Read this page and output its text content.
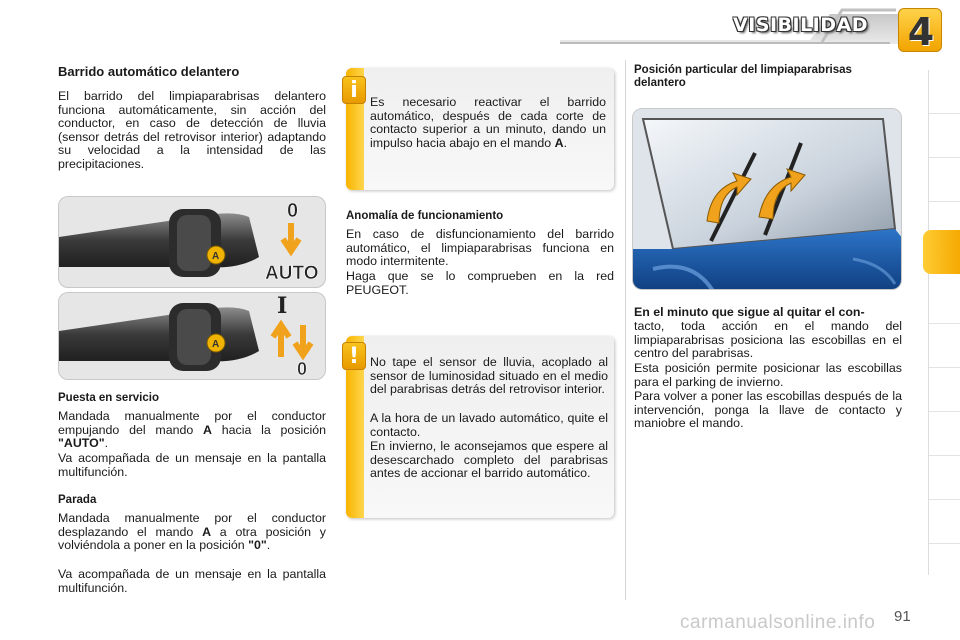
VISIBILIDAD 4
Barrido automático delantero
El barrido del limpiaparabrisas delantero funciona automáticamente, sin acción del conductor, en caso de detección de lluvia (sensor detrás del retrovisor interior) adaptando su velocidad a la intensidad de las precipitaciones.
A
0
AUTO
A
I
0
Puesta en servicio
Mandada manualmente por el conductor empujando del mando A hacia la posición "AUTO".
Va acompañada de un mensaje en la pantalla multifunción.
Parada
Mandada manualmente por el conductor desplazando el mando A a otra posición y volviéndola a poner en la posición "0".
Va acompañada de un mensaje en la pantalla multifunción.
i Es necesario reactivar el barrido automático, después de cada corte de contacto superior a un minuto, dando un impulso hacia abajo en el mando A.
Anomalía de funcionamiento
En caso de disfuncionamiento del barrido automático, el limpiaparabrisas funciona en modo intermitente.
Haga que se lo comprueben en la red PEUGEOT.
! No tape el sensor de lluvia, acoplado al sensor de luminosidad situado en el medio del parabrisas detrás del retrovisor interior.
A la hora de un lavado automático, quite el contacto.
En invierno, le aconsejamos que espere al desescarchado completo del parabrisas antes de accionar el barrido automático.
Posición particular del limpiaparabrisas delantero
En el minuto que sigue al quitar el con-
tacto, toda acción en el mando del limpiaparabrisas posiciona las escobillas en el centro del parabrisas.
Esta posición permite posicionar las escobillas para el parking de invierno.
Para volver a poner las escobillas después de la intervención, ponga la llave de contacto y maniobre el mando.
carmanualsonline.info 91
